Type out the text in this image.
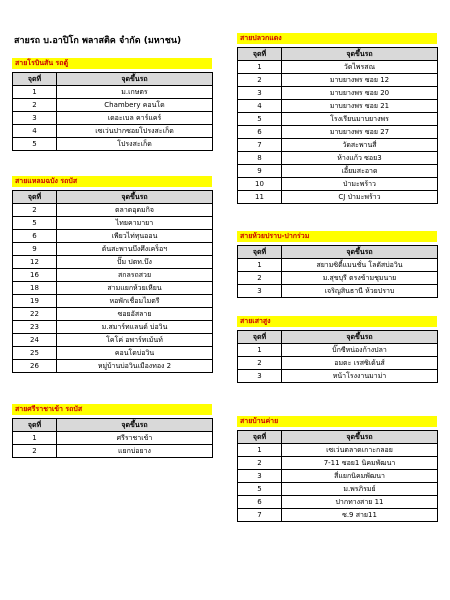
สายรถ บ.อาปิโก พลาสติค จำกัด (มหาชน)
สายโรบินสัน รถตู้
จุดที่	จุดขึ้นรถ
1	ม.เกษตร
2	Chambery คอนโด
3	เดอะเบล คาร์แคร์
4	เซเว่นปากซอยโปรงสะเก็ด
5	โปรงสะเก็ด
สายแหลมฉบัง รถบัส
จุดที่	จุดขึ้นรถ
2	ตลาดอุดมกิจ
5	ไทยคามายา
6	เพียวไท่ทุนออน
9	ต้นสะพานบึงศึงเคร็อฯ
12	ปั๊ม ปตท.บึง
16	สกลรถสวย
18	สามแยกห้วยเหียน
19	หอพักเชื่อมไมตรี
22	ซอยอัสลาย
23	ม.สมาร์ทแลนด์ บ่อวิน
24	โคโค่ อพาร์ทเม้นท์
25	คอนโดบ่อวิน
26	หมู่บ้านบ่อวินเมืองทอง 2
สายศรีราชาเข้า รถบัส
จุดที่	จุดขึ้นรถ
1	ศรีราชาเข้า
2	แยกบ่อยาง
สายปลวกแดง
จุดที่	จุดขึ้นรถ
1	วัดไพรสณ
2	มาบยางพร ซอย 12
3	มาบยางพร ซอย 20
4	มาบยางพร ซอย 21
5	โรงเรียนมาบยางพร
6	มาบยางพร ซอย 27
7	วัดสะพานสี่
8	ห้างแก้ว ซอย3
9	เอี้ยมสะอาด
10	ป่ามะพร้าว
11	CJ ป่ามะพร้าว
สายห้วยปราบ-ปากร่วม
จุดที่	จุดขึ้นรถ
1	สยามซิตี้แมนชั่น โลตัสบ่อวิน
2	ม.สุขบุรี ตรงข้ามชุมนาย
3	เจริญสินธานี ห้วยปราบ
สายเสาสูง
จุดที่	จุดขึ้นรถ
1	บิ๊กซีหน่องก้างปลา
2	อมตะ เรสซิเด้นส์
3	หน้าโรงงานมาม่า
สายบ้านค่าย
จุดที่	จุดขึ้นรถ
1	เซเว่นตลาดเกาะกลอย
2	7-11 ซอย1 นิคมพัฒนา
3	สี่แยกนิคมพัฒนา
5	ม.พรภิรมย์
6	ปากทางสาย 11
7	ซ.9 สาย11
